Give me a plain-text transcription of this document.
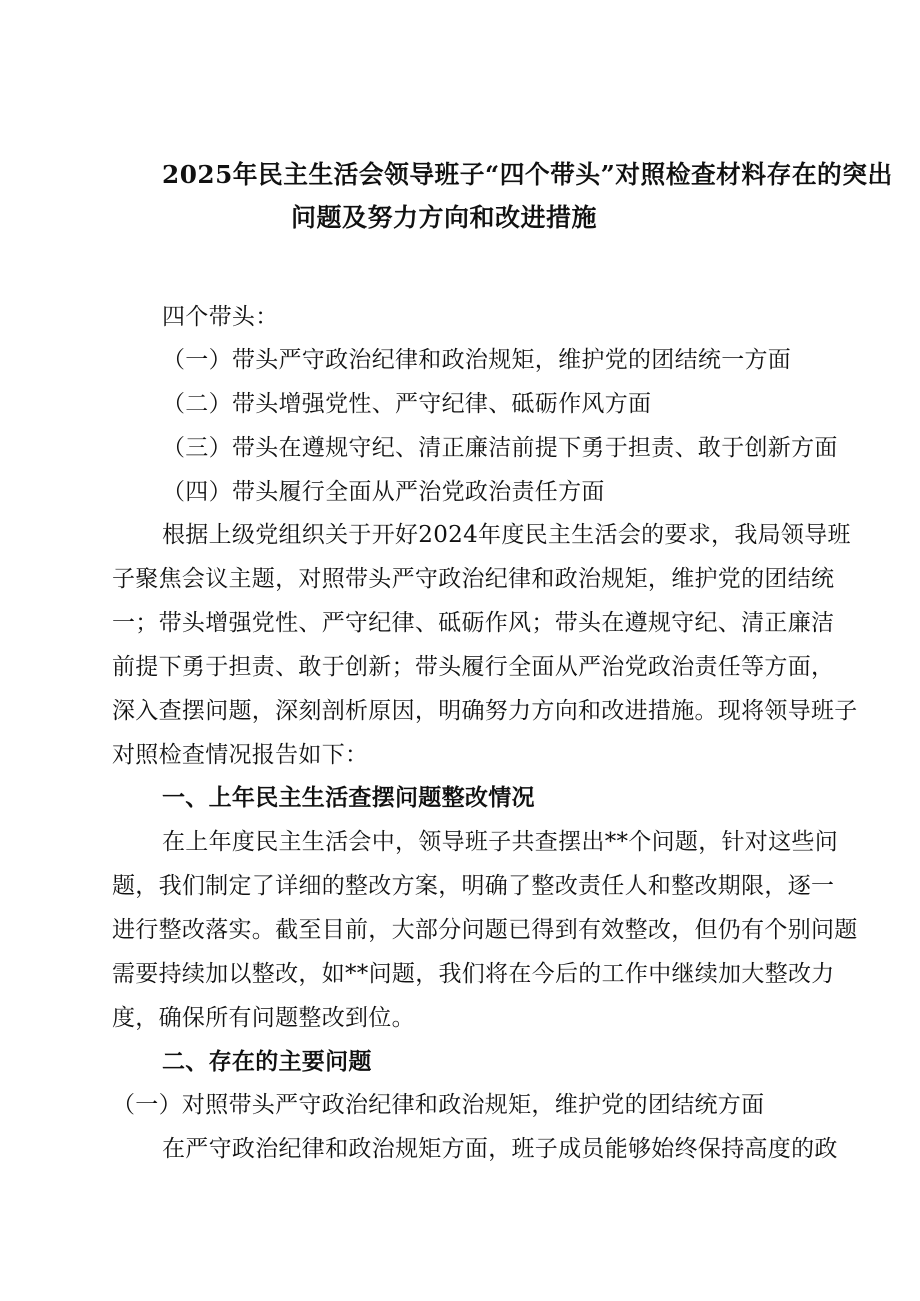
2025年民主生活会领导班子“四个带头”对照检查材料存在的突出
问题及努力方向和改进措施
四个带头：
（一）带头严守政治纪律和政治规矩，维护党的团结统一方面
（二）带头增强党性、严守纪律、砥砺作风方面
（三）带头在遵规守纪、清正廉洁前提下勇于担责、敢于创新方面
（四）带头履行全面从严治党政治责任方面
根据上级党组织关于开好2024年度民主生活会的要求，我局领导班
子聚焦会议主题，对照带头严守政治纪律和政治规矩，维护党的团结统
一；带头增强党性、严守纪律、砥砺作风；带头在遵规守纪、清正廉洁
前提下勇于担责、敢于创新；带头履行全面从严治党政治责任等方面，
深入查摆问题，深刻剖析原因，明确努力方向和改进措施。现将领导班子
对照检查情况报告如下：
一、上年民主生活查摆问题整改情况
在上年度民主生活会中，领导班子共查摆出**个问题，针对这些问
题，我们制定了详细的整改方案，明确了整改责任人和整改期限，逐一
进行整改落实。截至目前，大部分问题已得到有效整改，但仍有个别问题
需要持续加以整改，如**问题，我们将在今后的工作中继续加大整改力
度，确保所有问题整改到位。
二、存在的主要问题
（一）对照带头严守政治纪律和政治规矩，维护党的团结统方面
在严守政治纪律和政治规矩方面，班子成员能够始终保持高度的政
